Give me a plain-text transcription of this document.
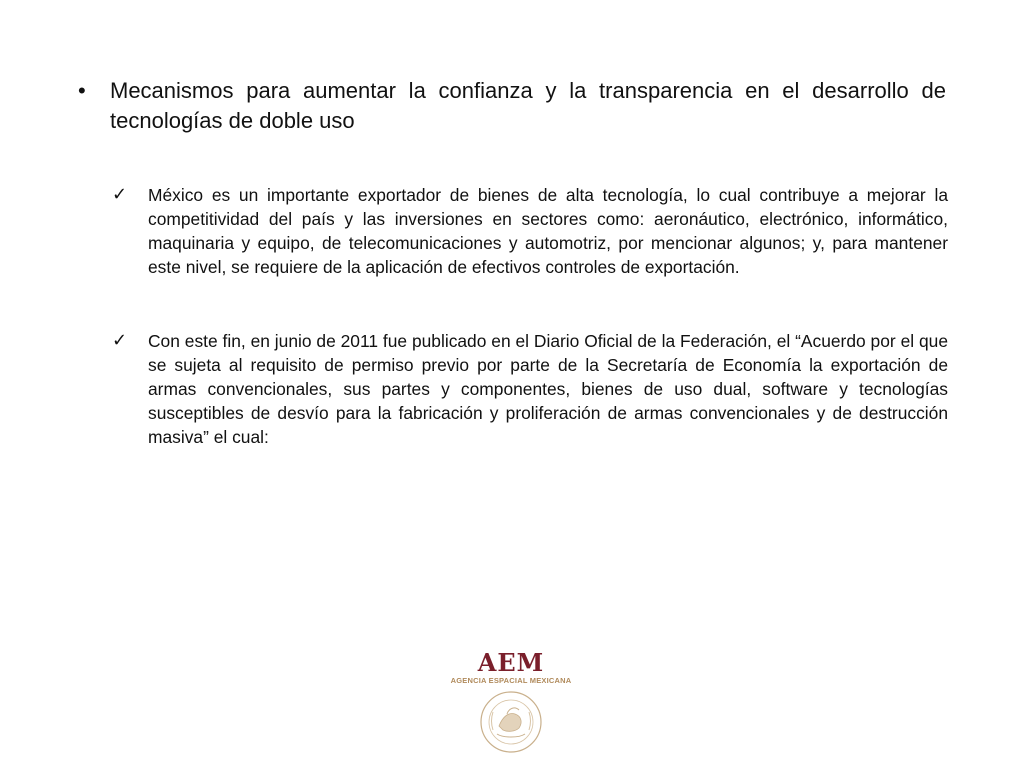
•	Mecanismos para aumentar la confianza y la transparencia en el desarrollo de tecnologías de doble uso
✓	México es un importante exportador de bienes de alta tecnología, lo cual contribuye a mejorar la competitividad del país y las inversiones en sectores como: aeronáutico, electrónico, informático, maquinaria y equipo, de telecomunicaciones y automotriz, por mencionar algunos; y, para mantener este nivel, se requiere de la aplicación de efectivos controles de exportación.
✓	Con este fin, en junio de 2011 fue publicado en el Diario Oficial de la Federación, el “Acuerdo por el que se sujeta al requisito de permiso previo por parte de la Secretaría de Economía la exportación de armas convencionales, sus partes y componentes, bienes de uso dual, software y tecnologías susceptibles de desvío para la fabricación y proliferación de armas convencionales y de destrucción masiva” el cual:
AEM
AGENCIA ESPACIAL MEXICANA
